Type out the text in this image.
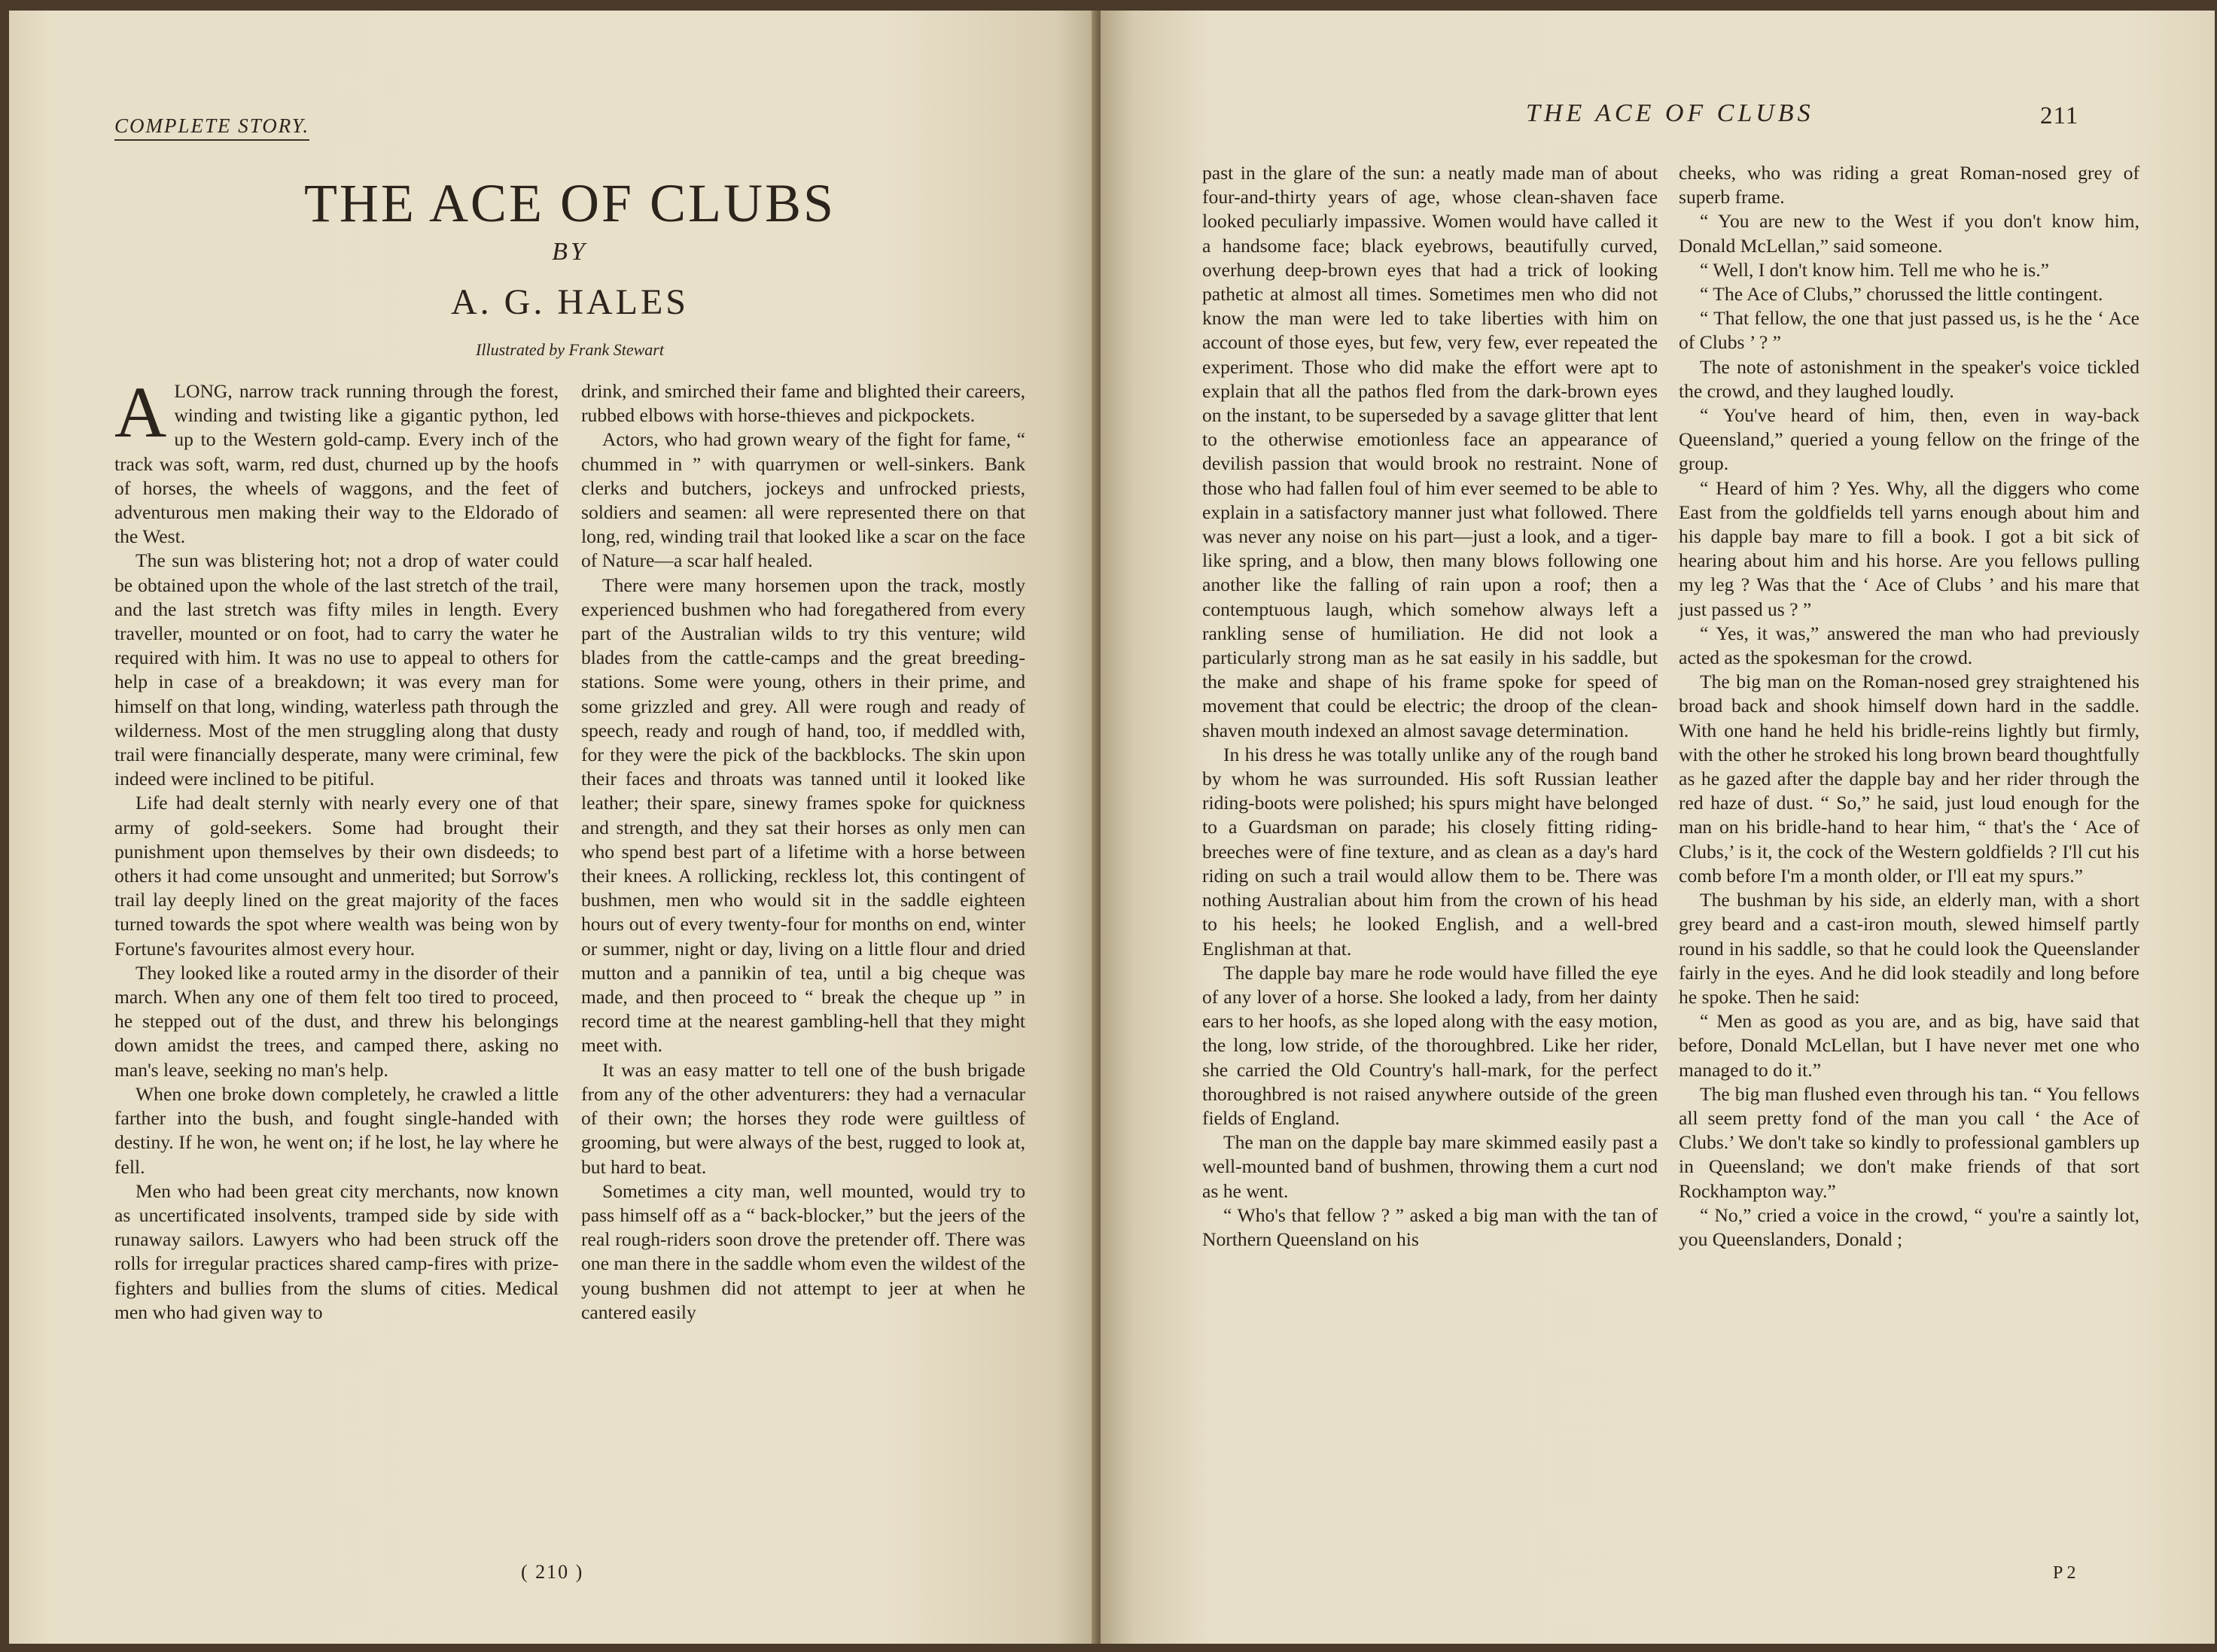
COMPLETE STORY.
THE ACE OF CLUBS
BY
A. G. HALES
Illustrated by Frank Stewart

ALONG, narrow track running through the forest, winding and twisting like a gigantic python, led up to the Western gold-camp. Every inch of the track was soft, warm, red dust, churned up by the hoofs of horses, the wheels of waggons, and the feet of adventurous men making their way to the Eldorado of the West.

The sun was blistering hot; not a drop of water could be obtained upon the whole of the last stretch of the trail, and the last stretch was fifty miles in length. Every traveller, mounted or on foot, had to carry the water he required with him. It was no use to appeal to others for help in case of a breakdown; it was every man for himself on that long, winding, waterless path through the wilderness. Most of the men struggling along that dusty trail were financially desperate, many were criminal, few indeed were inclined to be pitiful.

Life had dealt sternly with nearly every one of that army of gold-seekers. Some had brought their punishment upon themselves by their own disdeeds; to others it had come unsought and unmerited; but Sorrow's trail lay deeply lined on the great majority of the faces turned towards the spot where wealth was being won by Fortune's favourites almost every hour.

They looked like a routed army in the disorder of their march. When any one of them felt too tired to proceed, he stepped out of the dust, and threw his belongings down amidst the trees, and camped there, asking no man's leave, seeking no man's help.

When one broke down completely, he crawled a little farther into the bush, and fought single-handed with destiny. If he won, he went on; if he lost, he lay where he fell.

Men who had been great city merchants, now known as uncertificated insolvents, tramped side by side with runaway sailors. Lawyers who had been struck off the rolls for irregular practices shared camp-fires with prize-fighters and bullies from the slums of cities. Medical men who had given way to

drink, and smirched their fame and blighted their careers, rubbed elbows with horse-thieves and pickpockets.

Actors, who had grown weary of the fight for fame, “ chummed in ” with quarrymen or well-sinkers. Bank clerks and butchers, jockeys and unfrocked priests, soldiers and seamen: all were represented there on that long, red, winding trail that looked like a scar on the face of Nature—a scar half healed.

There were many horsemen upon the track, mostly experienced bushmen who had foregathered from every part of the Australian wilds to try this venture; wild blades from the cattle-camps and the great breeding-stations. Some were young, others in their prime, and some grizzled and grey. All were rough and ready of speech, ready and rough of hand, too, if meddled with, for they were the pick of the backblocks. The skin upon their faces and throats was tanned until it looked like leather; their spare, sinewy frames spoke for quickness and strength, and they sat their horses as only men can who spend best part of a lifetime with a horse between their knees. A rollicking, reckless lot, this contingent of bushmen, men who would sit in the saddle eighteen hours out of every twenty-four for months on end, winter or summer, night or day, living on a little flour and dried mutton and a pannikin of tea, until a big cheque was made, and then proceed to “ break the cheque up ” in record time at the nearest gambling-hell that they might meet with.

It was an easy matter to tell one of the bush brigade from any of the other adventurers: they had a vernacular of their own; the horses they rode were guiltless of grooming, but were always of the best, rugged to look at, but hard to beat.

Sometimes a city man, well mounted, would try to pass himself off as a “ back-blocker,” but the jeers of the real rough-riders soon drove the pretender off. There was one man there in the saddle whom even the wildest of the young bushmen did not attempt to jeer at when he cantered easily

( 210 )
THE ACE OF CLUBS	211

past in the glare of the sun: a neatly made man of about four-and-thirty years of age, whose clean-shaven face looked peculiarly impassive. Women would have called it a handsome face; black eyebrows, beautifully curved, overhung deep-brown eyes that had a trick of looking pathetic at almost all times. Sometimes men who did not know the man were led to take liberties with him on account of those eyes, but few, very few, ever repeated the experiment. Those who did make the effort were apt to explain that all the pathos fled from the dark-brown eyes on the instant, to be superseded by a savage glitter that lent to the otherwise emotionless face an appearance of devilish passion that would brook no restraint. None of those who had fallen foul of him ever seemed to be able to explain in a satisfactory manner just what followed. There was never any noise on his part—just a look, and a tiger-like spring, and a blow, then many blows following one another like the falling of rain upon a roof; then a contemptuous laugh, which somehow always left a rankling sense of humiliation. He did not look a particularly strong man as he sat easily in his saddle, but the make and shape of his frame spoke for speed of movement that could be electric; the droop of the clean-shaven mouth indexed an almost savage determination.

In his dress he was totally unlike any of the rough band by whom he was surrounded. His soft Russian leather riding-boots were polished; his spurs might have belonged to a Guardsman on parade; his closely fitting riding-breeches were of fine texture, and as clean as a day's hard riding on such a trail would allow them to be. There was nothing Australian about him from the crown of his head to his heels; he looked English, and a well-bred Englishman at that.

The dapple bay mare he rode would have filled the eye of any lover of a horse. She looked a lady, from her dainty ears to her hoofs, as she loped along with the easy motion, the long, low stride, of the thoroughbred. Like her rider, she carried the Old Country's hall-mark, for the perfect thoroughbred is not raised anywhere outside of the green fields of England.

The man on the dapple bay mare skimmed easily past a well-mounted band of bushmen, throwing them a curt nod as he went.

“ Who's that fellow ? ” asked a big man with the tan of Northern Queensland on his

cheeks, who was riding a great Roman-nosed grey of superb frame.

“ You are new to the West if you don't know him, Donald McLellan,” said someone.

“ Well, I don't know him. Tell me who he is.”

“ The Ace of Clubs,” chorussed the little contingent.

“ That fellow, the one that just passed us, is he the ‘ Ace of Clubs ’ ? ”

The note of astonishment in the speaker's voice tickled the crowd, and they laughed loudly.

“ You've heard of him, then, even in way-back Queensland,” queried a young fellow on the fringe of the group.

“ Heard of him ? Yes. Why, all the diggers who come East from the goldfields tell yarns enough about him and his dapple bay mare to fill a book. I got a bit sick of hearing about him and his horse. Are you fellows pulling my leg ? Was that the ‘ Ace of Clubs ’ and his mare that just passed us ? ”

“ Yes, it was,” answered the man who had previously acted as the spokesman for the crowd.

The big man on the Roman-nosed grey straightened his broad back and shook himself down hard in the saddle. With one hand he held his bridle-reins lightly but firmly, with the other he stroked his long brown beard thoughtfully as he gazed after the dapple bay and her rider through the red haze of dust. “ So,” he said, just loud enough for the man on his bridle-hand to hear him, “ that's the ‘ Ace of Clubs,’ is it, the cock of the Western goldfields ? I'll cut his comb before I'm a month older, or I'll eat my spurs.”

The bushman by his side, an elderly man, with a short grey beard and a cast-iron mouth, slewed himself partly round in his saddle, so that he could look the Queenslander fairly in the eyes. And he did look steadily and long before he spoke. Then he said:

“ Men as good as you are, and as big, have said that before, Donald McLellan, but I have never met one who managed to do it.”

The big man flushed even through his tan. “ You fellows all seem pretty fond of the man you call ‘ the Ace of Clubs.’ We don't take so kindly to professional gamblers up in Queensland; we don't make friends of that sort Rockhampton way.”

“ No,” cried a voice in the crowd, “ you're a saintly lot, you Queenslanders, Donald ;

P 2
